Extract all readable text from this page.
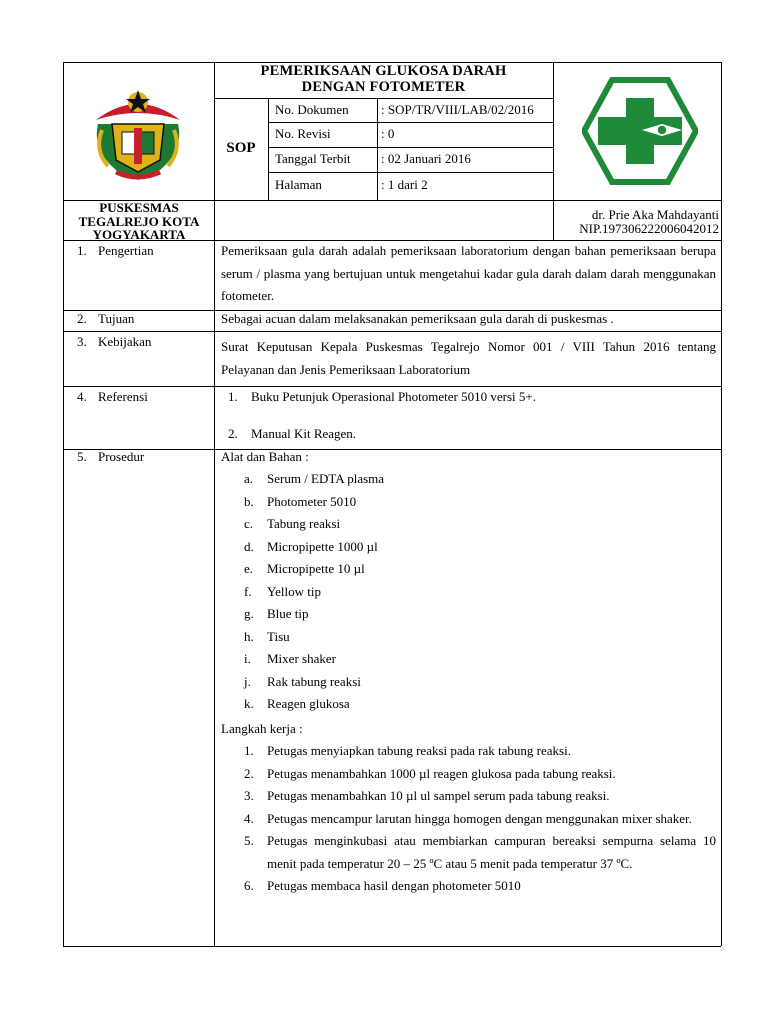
PEMERIKSAAN GLUKOSA DARAH
DENGAN FOTOMETER
SOP
No. Dokumen : SOP/TR/VIII/LAB/02/2016
No. Revisi	: 0
Tanggal Terbit : 02 Januari 2016
Halaman	: 1 dari 2
PUSKESMAS
TEGALREJO KOTA
YOGYAKARTA
dr. Prie Aka Mahdayanti
NIP.197306222006042012
1. Pengertian	Pemeriksaan gula darah adalah pemeriksaan laboratorium dengan bahan pemeriksaan berupa serum / plasma yang bertujuan untuk mengetahui kadar gula darah dalam darah menggunakan fotometer.
2. Tujuan	Sebagai acuan dalam melaksanakan pemeriksaan gula darah di puskesmas .
3. Kebijakan	Surat Keputusan Kepala Puskesmas Tegalrejo Nomor 001 / VIII Tahun 2016 tentang Pelayanan dan Jenis Pemeriksaan Laboratorium
4. Referensi	1. Buku Petunjuk Operasional Photometer 5010 versi 5+.
2. Manual Kit Reagen.
5. Prosedur	Alat dan Bahan :
a.	Serum / EDTA plasma
b.	Photometer 5010
c.	Tabung reaksi
d.	Micropipette 1000 µl
e.	Micropipette 10 µl
f.	Yellow tip
g.	Blue tip
h.	Tisu
i.	Mixer shaker
j.	Rak tabung reaksi
k.	Reagen glukosa
Langkah kerja :
1.	Petugas menyiapkan tabung reaksi pada rak tabung reaksi.
2.	Petugas menambahkan 1000 µl reagen glukosa pada tabung reaksi.
3.	Petugas menambahkan 10 µl ul sampel serum pada tabung reaksi.
4.	Petugas mencampur larutan hingga homogen dengan menggunakan mixer shaker.
5.	Petugas menginkubasi atau membiarkan campuran bereaksi sempurna selama 10 menit pada temperatur 20 – 25 ºC atau 5 menit pada temperatur 37 ºC.
6.	Petugas membaca hasil dengan photometer 5010
